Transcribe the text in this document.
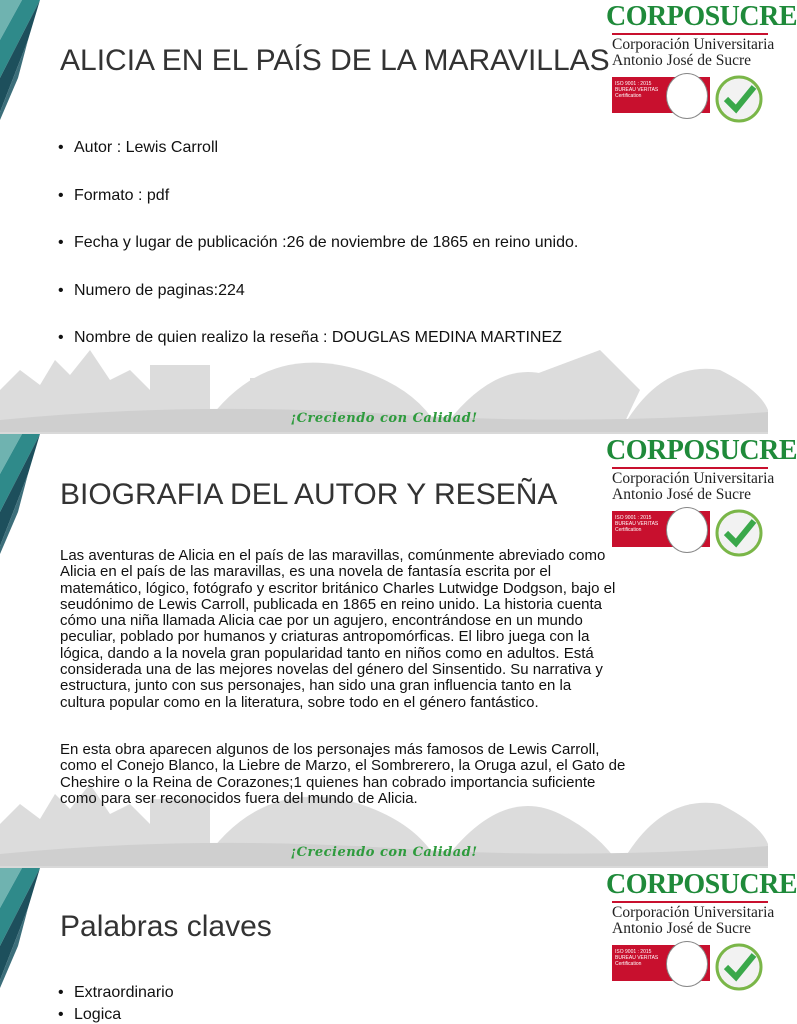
¡Creciendo con Calidad!
CORPOSUCRE
Corporación Universitaria
Antonio José de Sucre
ISO 9001 : 2015
BUREAU VERITAS
Certification
ALICIA EN EL PAÍS DE LA MARAVILLAS
• Autor : Lewis Carroll
• Formato : pdf
• Fecha y lugar de publicación :26 de noviembre de 1865 en reino unido.
• Numero de paginas:224
• Nombre de quien realizo la reseña : DOUGLAS MEDINA MARTINEZ
¡Creciendo con Calidad!
CORPOSUCRE
Corporación Universitaria
Antonio José de Sucre
ISO 9001 : 2015
BUREAU VERITAS
Certification
BIOGRAFIA DEL AUTOR Y RESEÑA
Las aventuras de Alicia en el país de las maravillas, comúnmente abreviado como
Alicia en el país de las maravillas, es una novela de fantasía escrita por el
matemático, lógico, fotógrafo y escritor británico Charles Lutwidge Dodgson, bajo el
seudónimo de Lewis Carroll, publicada en 1865 en reino unido. La historia cuenta
cómo una niña llamada Alicia cae por un agujero, encontrándose en un mundo
peculiar, poblado por humanos y criaturas antropomórficas. El libro juega con la
lógica, dando a la novela gran popularidad tanto en niños como en adultos. Está
considerada una de las mejores novelas del género del Sinsentido. Su narrativa y
estructura, junto con sus personajes, han sido una gran influencia tanto en la
cultura popular como en la literatura, sobre todo en el género fantástico.
En esta obra aparecen algunos de los personajes más famosos de Lewis Carroll,
como el Conejo Blanco, la Liebre de Marzo, el Sombrerero, la Oruga azul, el Gato de
Cheshire o la Reina de Corazones;1 quienes han cobrado importancia suficiente
como para ser reconocidos fuera del mundo de Alicia.
CORPOSUCRE
Corporación Universitaria
Antonio José de Sucre
ISO 9001 : 2015
BUREAU VERITAS
Certification
Palabras claves
• Extraordinario
• Logica
